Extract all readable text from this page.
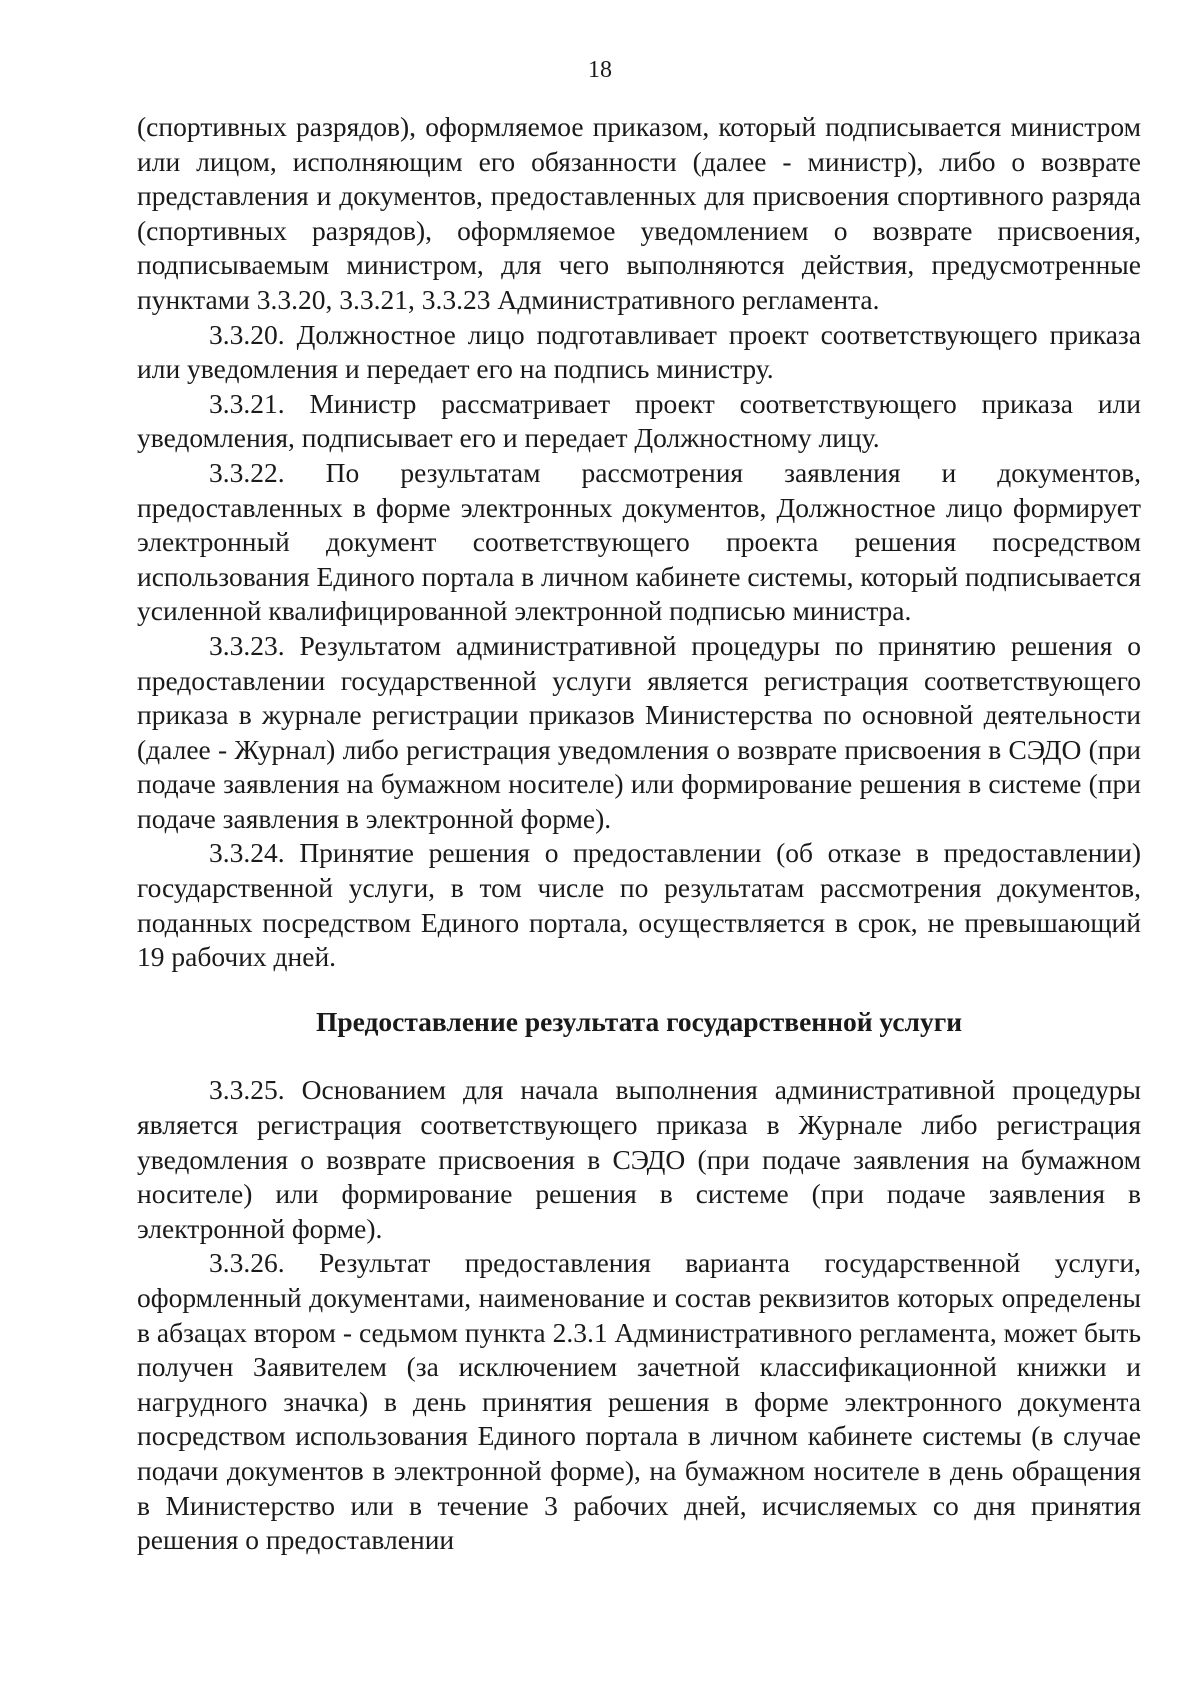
18

(спортивных разрядов), оформляемое приказом, который подписывается министром или лицом, исполняющим его обязанности (далее - министр), либо о возврате представления и документов, предоставленных для присвоения спортивного разряда (спортивных разрядов), оформляемое уведомлением о возврате присвоения, подписываемым министром, для чего выполняются действия, предусмотренные пунктами 3.3.20, 3.3.21, 3.3.23 Административного регламента.

3.3.20. Должностное лицо подготавливает проект соответствующего приказа или уведомления и передает его на подпись министру.

3.3.21. Министр рассматривает проект соответствующего приказа или уведомления, подписывает его и передает Должностному лицу.

3.3.22. По результатам рассмотрения заявления и документов, предоставленных в форме электронных документов, Должностное лицо формирует электронный документ соответствующего проекта решения посредством использования Единого портала в личном кабинете системы, который подписывается усиленной квалифицированной электронной подписью министра.

3.3.23. Результатом административной процедуры по принятию решения о предоставлении государственной услуги является регистрация соответствующего приказа в журнале регистрации приказов Министерства по основной деятельности (далее - Журнал) либо регистрация уведомления о возврате присвоения в СЭДО (при подаче заявления на бумажном носителе) или формирование решения в системе (при подаче заявления в электронной форме).

3.3.24. Принятие решения о предоставлении (об отказе в предоставлении) государственной услуги, в том числе по результатам рассмотрения документов, поданных посредством Единого портала, осуществляется в срок, не превышающий 19 рабочих дней.

Предоставление результата государственной услуги

3.3.25. Основанием для начала выполнения административной процедуры является регистрация соответствующего приказа в Журнале либо регистрация уведомления о возврате присвоения в СЭДО (при подаче заявления на бумажном носителе) или формирование решения в системе (при подаче заявления в электронной форме).

3.3.26. Результат предоставления варианта государственной услуги, оформленный документами, наименование и состав реквизитов которых определены в абзацах втором - седьмом пункта 2.3.1 Административного регламента, может быть получен Заявителем (за исключением зачетной классификационной книжки и нагрудного значка) в день принятия решения в форме электронного документа посредством использования Единого портала в личном кабинете системы (в случае подачи документов в электронной форме), на бумажном носителе в день обращения в Министерство или в течение 3 рабочих дней, исчисляемых со дня принятия решения о предоставлении
